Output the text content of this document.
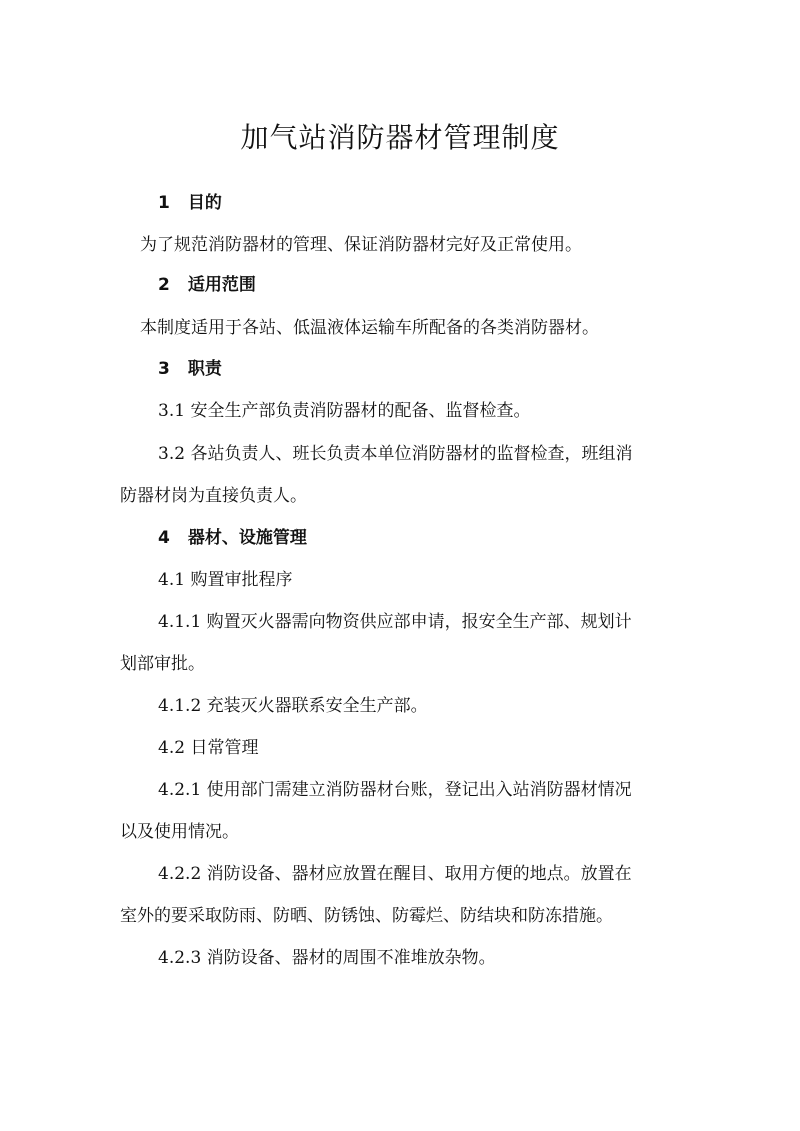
加气站消防器材管理制度
1 目的
为了规范消防器材的管理、保证消防器材完好及正常使用。
2 适用范围
本制度适用于各站、低温液体运输车所配备的各类消防器材。
3 职责
3.1 安全生产部负责消防器材的配备、监督检查。
3.2 各站负责人、班长负责本单位消防器材的监督检查，班组消
防器材岗为直接负责人。
4 器材、设施管理
4.1 购置审批程序
4.1.1 购置灭火器需向物资供应部申请，报安全生产部、规划计
划部审批。
4.1.2 充装灭火器联系安全生产部。
4.2 日常管理
4.2.1 使用部门需建立消防器材台账，登记出入站消防器材情况
以及使用情况。
4.2.2 消防设备、器材应放置在醒目、取用方便的地点。放置在
室外的要采取防雨、防晒、防锈蚀、防霉烂、防结块和防冻措施。
4.2.3 消防设备、器材的周围不准堆放杂物。
